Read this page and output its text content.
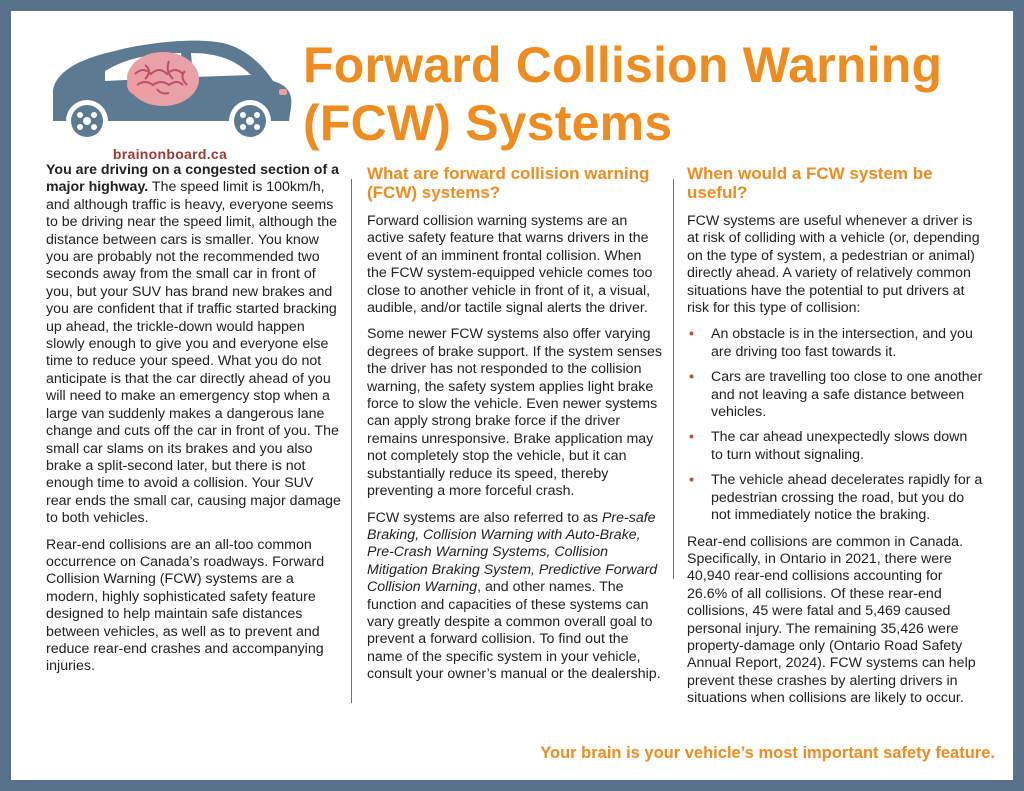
brainonboard.ca
Forward Collision Warning (FCW) Systems

You are driving on a congested section of a major highway. The speed limit is 100km/h, and although traffic is heavy, everyone seems to be driving near the speed limit, although the distance between cars is smaller. You know you are probably not the recommended two seconds away from the small car in front of you, but your SUV has brand new brakes and you are confident that if traffic started bracking up ahead, the trickle-down would happen slowly enough to give you and everyone else time to reduce your speed. What you do not anticipate is that the car directly ahead of you will need to make an emergency stop when a large van suddenly makes a dangerous lane change and cuts off the car in front of you. The small car slams on its brakes and you also brake a split-second later, but there is not enough time to avoid a collision. Your SUV rear ends the small car, causing major damage to both vehicles.

Rear-end collisions are an all-too common occurrence on Canada’s roadways. Forward Collision Warning (FCW) systems are a modern, highly sophisticated safety feature designed to help maintain safe distances between vehicles, as well as to prevent and reduce rear-end crashes and accompanying injuries.

What are forward collision warning (FCW) systems?

Forward collision warning systems are an active safety feature that warns drivers in the event of an imminent frontal collision. When the FCW system-equipped vehicle comes too close to another vehicle in front of it, a visual, audible, and/or tactile signal alerts the driver.

Some newer FCW systems also offer varying degrees of brake support. If the system senses the driver has not responded to the collision warning, the safety system applies light brake force to slow the vehicle. Even newer systems can apply strong brake force if the driver remains unresponsive. Brake application may not completely stop the vehicle, but it can substantially reduce its speed, thereby preventing a more forceful crash.

FCW systems are also referred to as Pre-safe Braking, Collision Warning with Auto-Brake, Pre-Crash Warning Systems, Collision Mitigation Braking System, Predictive Forward Collision Warning, and other names. The function and capacities of these systems can vary greatly despite a common overall goal to prevent a forward collision. To find out the name of the specific system in your vehicle, consult your owner’s manual or the dealership.

When would a FCW system be useful?

FCW systems are useful whenever a driver is at risk of colliding with a vehicle (or, depending on the type of system, a pedestrian or animal) directly ahead. A variety of relatively common situations have the potential to put drivers at risk for this type of collision:

• An obstacle is in the intersection, and you are driving too fast towards it.
• Cars are travelling too close to one another and not leaving a safe distance between vehicles.
• The car ahead unexpectedly slows down to turn without signaling.
• The vehicle ahead decelerates rapidly for a pedestrian crossing the road, but you do not immediately notice the braking.

Rear-end collisions are common in Canada. Specifically, in Ontario in 2021, there were 40,940 rear-end collisions accounting for 26.6% of all collisions. Of these rear-end collisions, 45 were fatal and 5,469 caused personal injury. The remaining 35,426 were property-damage only (Ontario Road Safety Annual Report, 2024). FCW systems can help prevent these crashes by alerting drivers in situations when collisions are likely to occur.

Your brain is your vehicle’s most important safety feature.
